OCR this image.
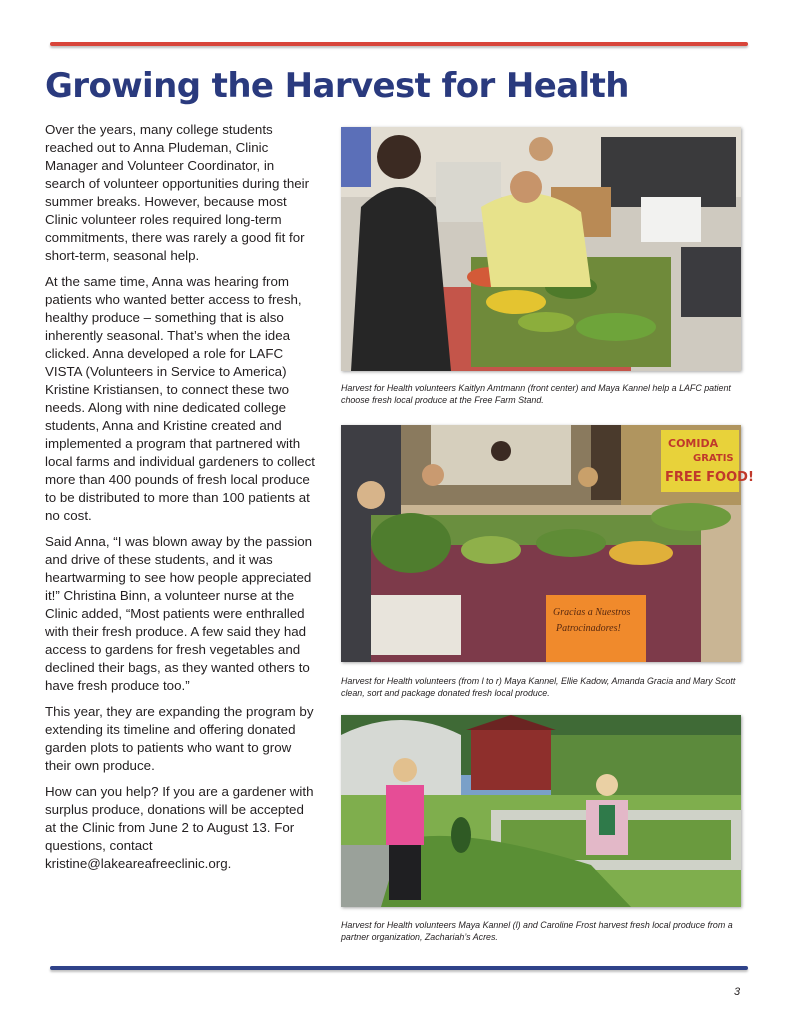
Growing the Harvest for Health

Over the years, many college students reached out to Anna Pludeman, Clinic Manager and Volunteer Coordinator, in search of volunteer opportunities during their summer breaks. However, because most Clinic volunteer roles required long-term commitments, there was rarely a good fit for short-term, seasonal help.

At the same time, Anna was hearing from patients who wanted better access to fresh, healthy produce – something that is also inherently seasonal. That’s when the idea clicked. Anna developed a role for LAFC VISTA (Volunteers in Service to America) Kristine Kristiansen, to connect these two needs. Along with nine dedicated college students, Anna and Kristine created and implemented a program that partnered with local farms and individual gardeners to collect more than 400 pounds of fresh local produce to be distributed to more than 100 patients at no cost.

Said Anna, “I was blown away by the passion and drive of these students, and it was heartwarming to see how people appreciated it!” Christina Binn, a volunteer nurse at the Clinic added, “Most patients were enthralled with their fresh produce. A few said they had access to gardens for fresh vegetables and declined their bags, as they wanted others to have fresh produce too.”

This year, they are expanding the program by extending its timeline and offering donated garden plots to patients who want to grow their own produce.

How can you help? If you are a gardener with surplus produce, donations will be accepted at the Clinic from June 2 to August 13. For questions, contact kristine@lakeareafreeclinic.org.

Harvest for Health volunteers Kaitlyn Amtmann (front center) and Maya Kannel help a LAFC patient choose fresh local produce at the Free Farm Stand.
COMIDA
GRATIS
FREE FOOD!
Gracias a Nuestros
Patrocinadores!
Harvest for Health volunteers (from l to r) Maya Kannel, Ellie Kadow, Amanda Gracia and Mary Scott clean, sort and package donated fresh local produce.
Harvest for Health volunteers Maya Kannel (l) and Caroline Frost harvest fresh local produce from a partner organization, Zachariah’s Acres.
3
